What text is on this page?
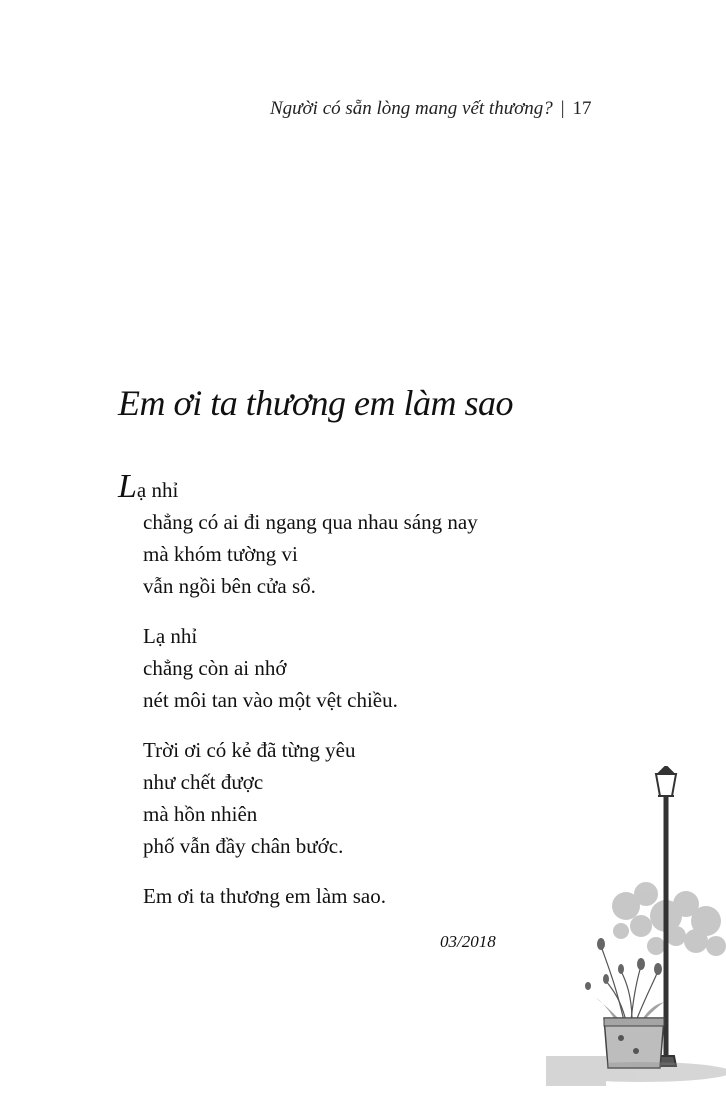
Người có sẵn lòng mang vết thương? | 17
Em ơi ta thương em làm sao
Lạ nhỉ
chẳng có ai đi ngang qua nhau sáng nay
mà khóm tường vi
vẫn ngồi bên cửa sổ.
Lạ nhỉ
chẳng còn ai nhớ
nét môi tan vào một vệt chiều.
Trời ơi có kẻ đã từng yêu
như chết được
mà hồn nhiên
phố vẫn đầy chân bước.
Em ơi ta thương em làm sao.
03/2018
